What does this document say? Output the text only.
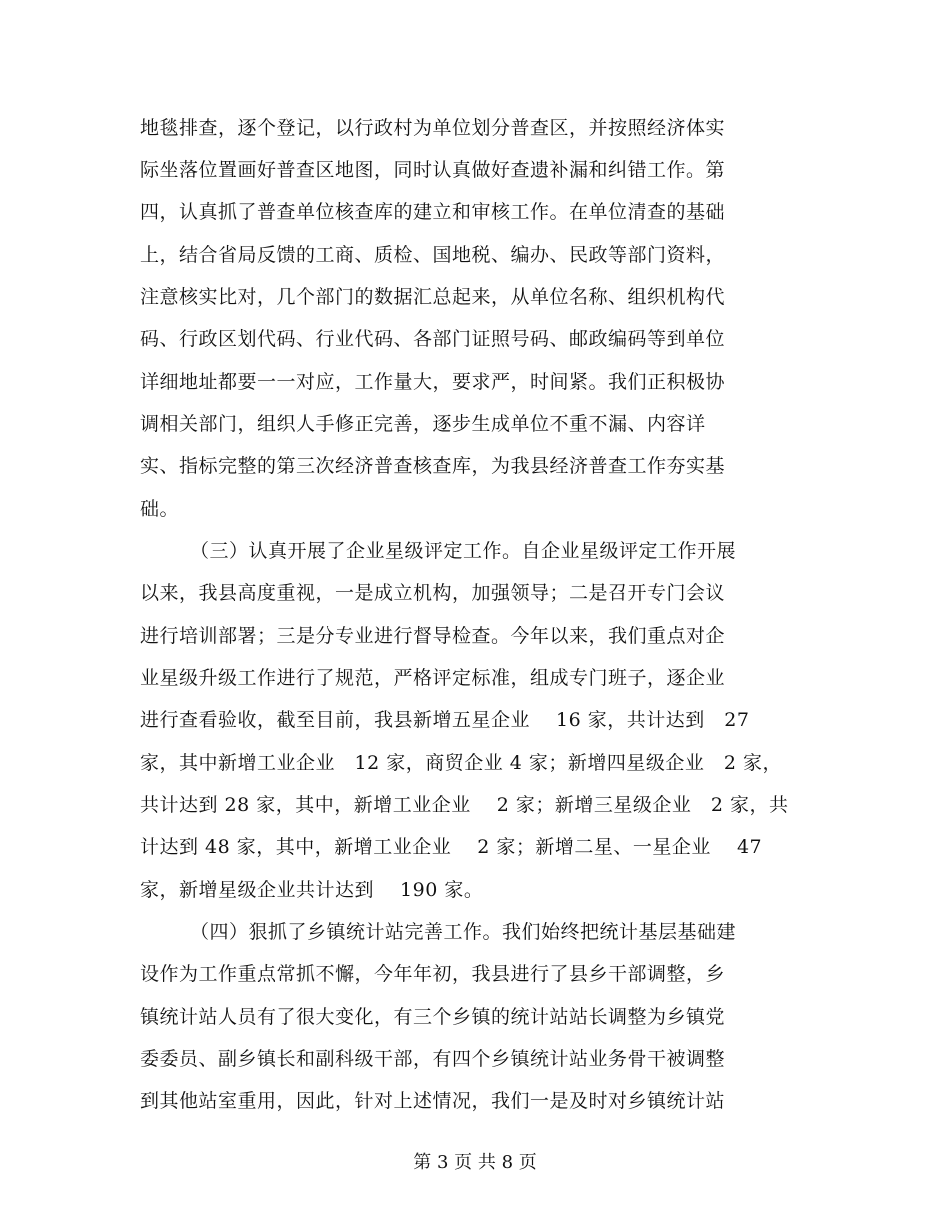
地毯排查，逐个登记，以行政村为单位划分普查区，并按照经济体实
际坐落位置画好普查区地图，同时认真做好查遗补漏和纠错工作。第
四，认真抓了普查单位核查库的建立和审核工作。在单位清查的基础
上，结合省局反馈的工商、质检、国地税、编办、民政等部门资料，
注意核实比对，几个部门的数据汇总起来，从单位名称、组织机构代
码、行政区划代码、行业代码、各部门证照号码、邮政编码等到单位
详细地址都要一一对应，工作量大，要求严，时间紧。我们正积极协
调相关部门，组织人手修正完善，逐步生成单位不重不漏、内容详
实、指标完整的第三次经济普查核查库，为我县经济普查工作夯实基
础。
（三）认真开展了企业星级评定工作。自企业星级评定工作开展
以来，我县高度重视，一是成立机构，加强领导；二是召开专门会议
进行培训部署；三是分专业进行督导检查。今年以来，我们重点对企
业星级升级工作进行了规范，严格评定标准，组成专门班子，逐企业
进行查看验收，截至目前，我县新增五星企业　 16 家，共计达到　27
家，其中新增工业企业　12 家，商贸企业 4 家；新增四星级企业　2 家，
共计达到 28 家，其中，新增工业企业　 2 家；新增三星级企业　2 家，共
计达到 48 家，其中，新增工业企业　 2 家；新增二星、一星企业　 47
家，新增星级企业共计达到　 190 家。
（四）狠抓了乡镇统计站完善工作。我们始终把统计基层基础建
设作为工作重点常抓不懈，今年年初，我县进行了县乡干部调整，乡
镇统计站人员有了很大变化，有三个乡镇的统计站站长调整为乡镇党
委委员、副乡镇长和副科级干部，有四个乡镇统计站业务骨干被调整
到其他站室重用，因此，针对上述情况，我们一是及时对乡镇统计站
第 3 页 共 8 页
